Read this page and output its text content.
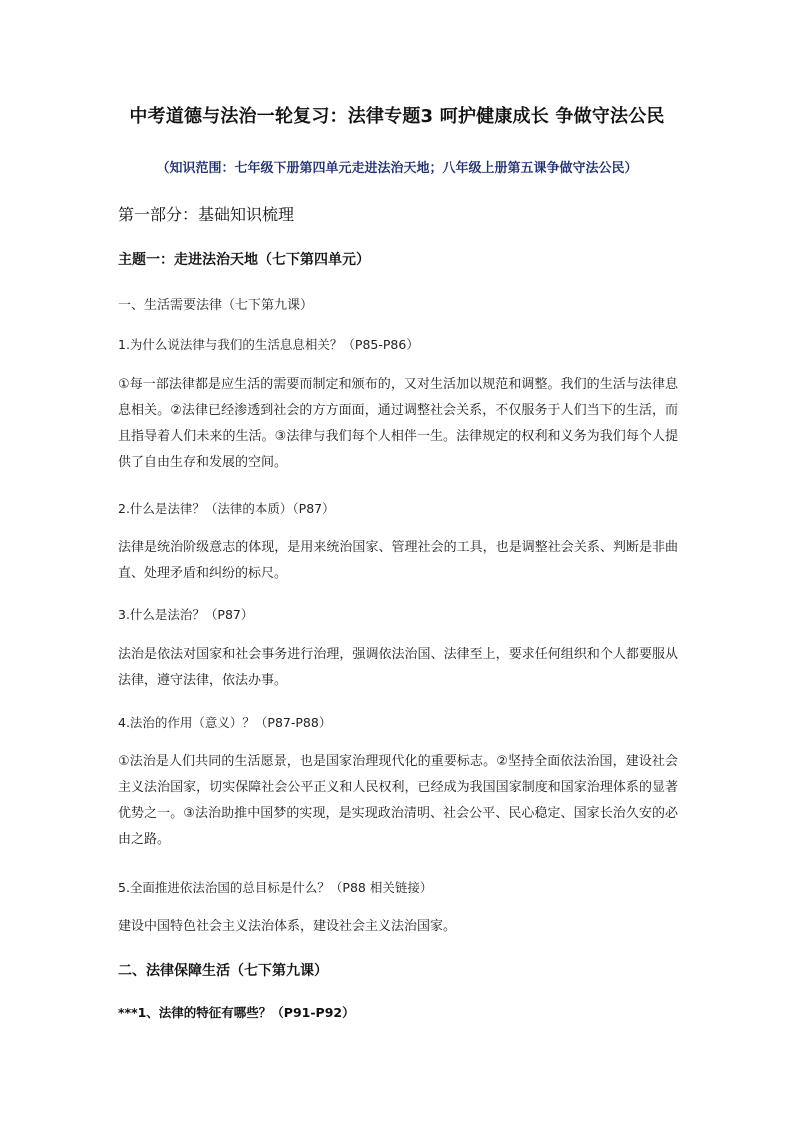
中考道德与法治一轮复习：法律专题3 呵护健康成长 争做守法公民

（知识范围：七年级下册第四单元走进法治天地；八年级上册第五课争做守法公民）

第一部分：基础知识梳理
主题一：走进法治天地（七下第四单元）

一、生活需要法律（七下第九课）

1.为什么说法律与我们的生活息息相关？（P85-P86）

①每一部法律都是应生活的需要而制定和颁布的，又对生活加以规范和调整。我们的生活与法律息息相关。②法律已经渗透到社会的方方面面，通过调整社会关系，不仅服务于人们当下的生活，而且指导着人们未来的生活。③法律与我们每个人相伴一生。法律规定的权利和义务为我们每个人提供了自由生存和发展的空间。

2.什么是法律？（法律的本质）（P87）

法律是统治阶级意志的体现，是用来统治国家、管理社会的工具，也是调整社会关系、判断是非曲直、处理矛盾和纠纷的标尺。

3.什么是法治？（P87）

法治是依法对国家和社会事务进行治理，强调依法治国、法律至上，要求任何组织和个人都要服从法律，遵守法律，依法办事。

4.法治的作用（意义）？（P87-P88）

①法治是人们共同的生活愿景，也是国家治理现代化的重要标志。②坚持全面依法治国，建设社会主义法治国家，切实保障社会公平正义和人民权利，已经成为我国国家制度和国家治理体系的显著优势之一。③法治助推中国梦的实现，是实现政治清明、社会公平、民心稳定、国家长治久安的必由之路。

5.全面推进依法治国的总目标是什么？（P88 相关链接）

建设中国特色社会主义法治体系，建设社会主义法治国家。

二、法律保障生活（七下第九课）

***1、法律的特征有哪些？（P91-P92）
